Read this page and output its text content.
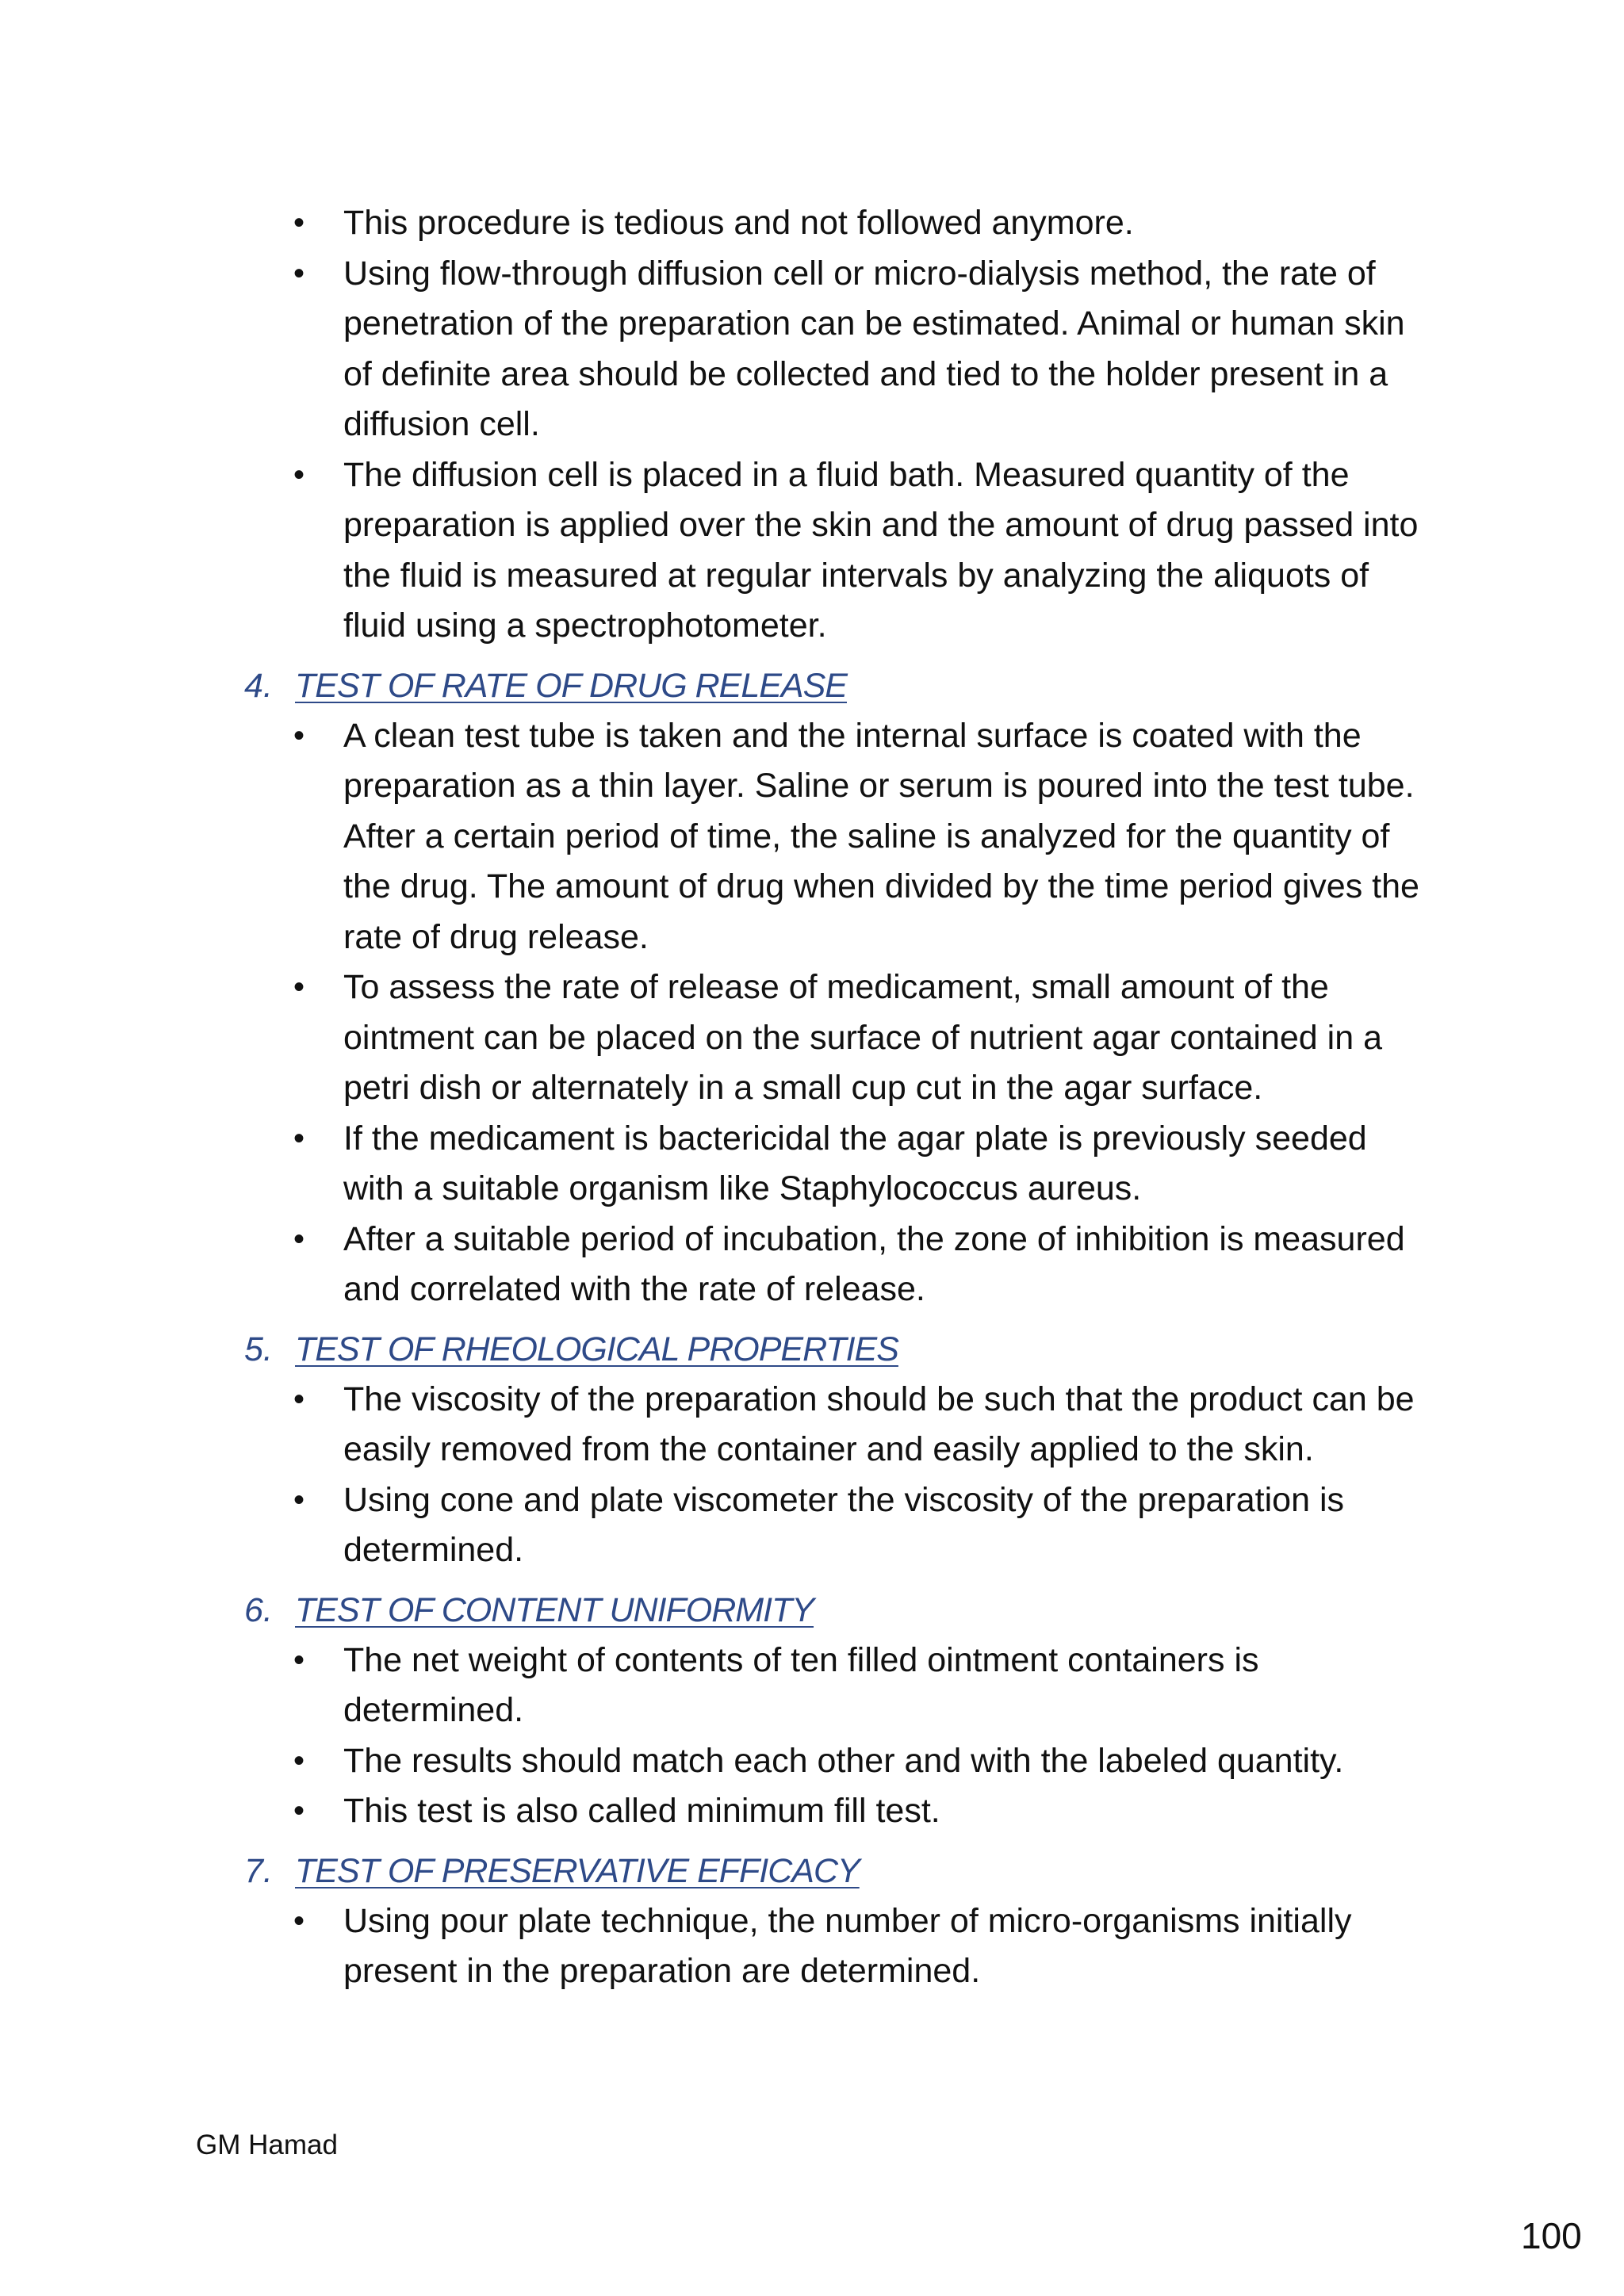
• This procedure is tedious and not followed anymore.
• Using flow-through diffusion cell or micro-dialysis method, the rate of penetration of the preparation can be estimated. Animal or human skin of definite area should be collected and tied to the holder present in a diffusion cell.
• The diffusion cell is placed in a fluid bath. Measured quantity of the preparation is applied over the skin and the amount of drug passed into the fluid is measured at regular intervals by analyzing the aliquots of fluid using a spectrophotometer.
4. TEST OF RATE OF DRUG RELEASE
• A clean test tube is taken and the internal surface is coated with the preparation as a thin layer. Saline or serum is poured into the test tube. After a certain period of time, the saline is analyzed for the quantity of the drug. The amount of drug when divided by the time period gives the rate of drug release.
• To assess the rate of release of medicament, small amount of the ointment can be placed on the surface of nutrient agar contained in a petri dish or alternately in a small cup cut in the agar surface.
• If the medicament is bactericidal the agar plate is previously seeded with a suitable organism like Staphylococcus aureus.
• After a suitable period of incubation, the zone of inhibition is measured and correlated with the rate of release.
5. TEST OF RHEOLOGICAL PROPERTIES
• The viscosity of the preparation should be such that the product can be easily removed from the container and easily applied to the skin.
• Using cone and plate viscometer the viscosity of the preparation is determined.
6. TEST OF CONTENT UNIFORMITY
• The net weight of contents of ten filled ointment containers is determined.
• The results should match each other and with the labeled quantity.
• This test is also called minimum fill test.
7. TEST OF PRESERVATIVE EFFICACY
• Using pour plate technique, the number of micro-organisms initially present in the preparation are determined.
GM Hamad
100
